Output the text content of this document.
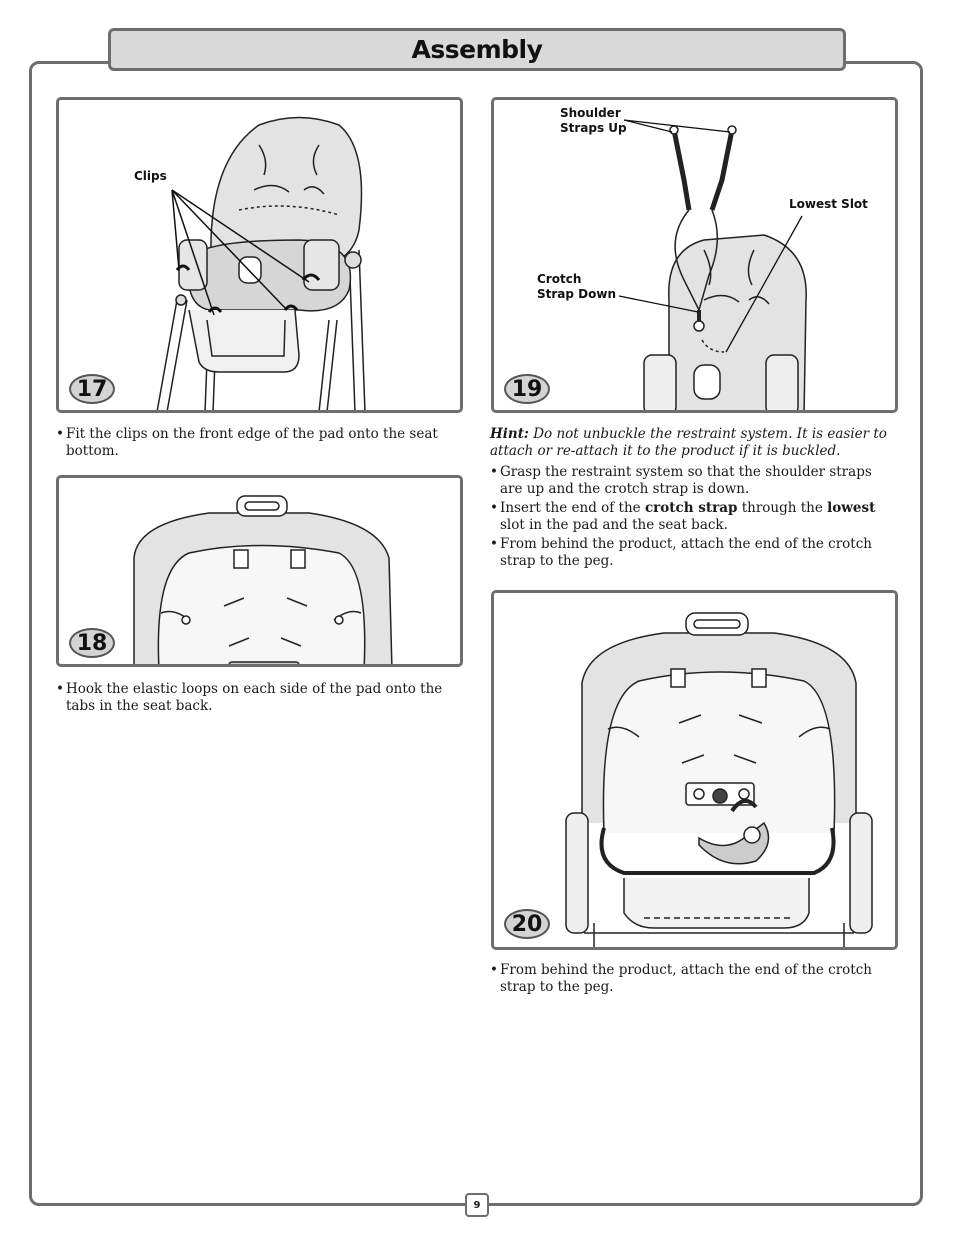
Assembly
Clips
17
• Fit the clips on the front edge of the pad onto the seat bottom.
18
• Hook the elastic loops on each side of the pad onto the tabs in the seat back.
Shoulder
Straps Up
Lowest Slot
Crotch
Strap Down
19
Hint: Do not unbuckle the restraint system. It is easier to attach or re-attach it to the product if it is buckled.
• Grasp the restraint system so that the shoulder straps are up and the crotch strap is down.
• Insert the end of the crotch strap through the lowest slot in the pad and the seat back.
• From behind the product, attach the end of the crotch strap to the peg.
20
• From behind the product, attach the end of the crotch strap to the peg.
9
